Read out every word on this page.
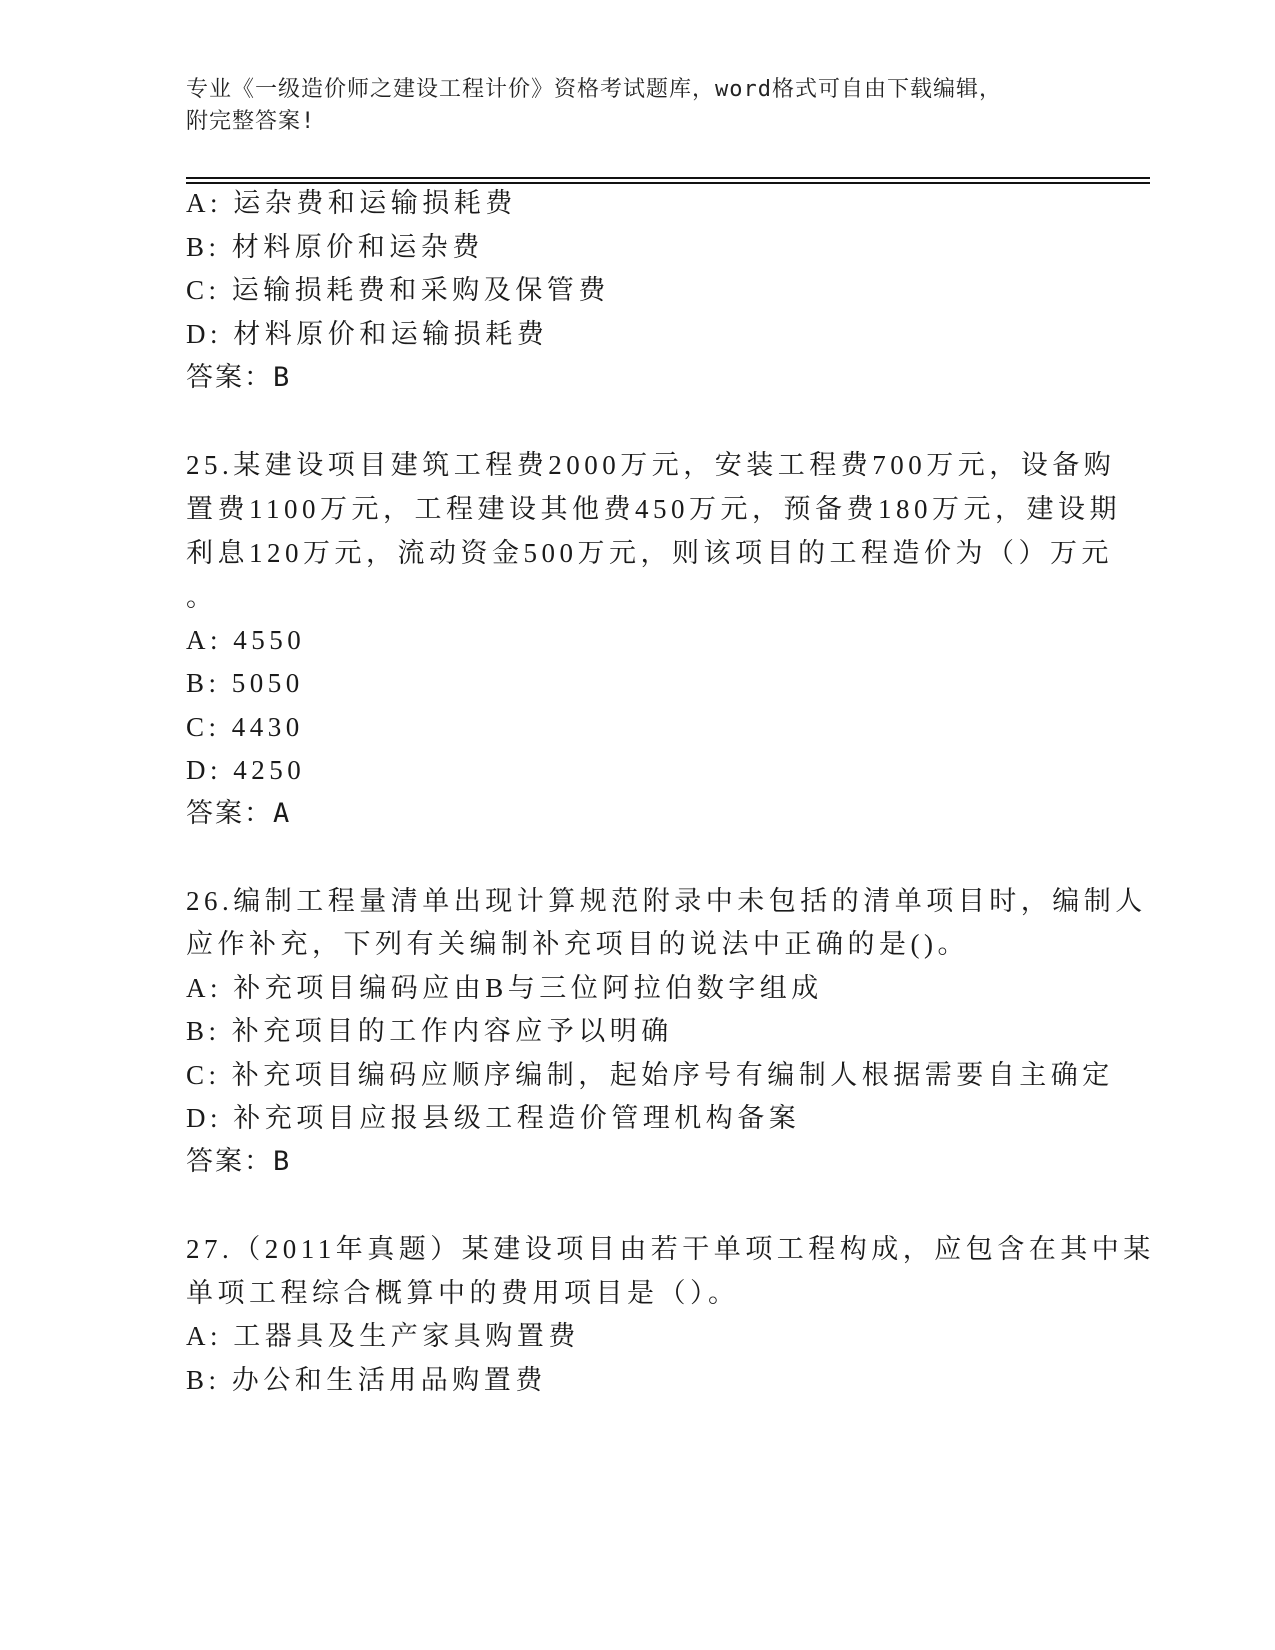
专业《一级造价师之建设工程计价》资格考试题库，word格式可自由下载编辑，
附完整答案!
A: 运杂费和运输损耗费
B: 材料原价和运杂费
C: 运输损耗费和采购及保管费
D: 材料原价和运输损耗费
答案：B
25.某建设项目建筑工程费2000万元，安装工程费700万元，设备购
置费1100万元，工程建设其他费450万元，预备费180万元，建设期
利息120万元，流动资金500万元，则该项目的工程造价为（）万元
。
A: 4550
B: 5050
C: 4430
D: 4250
答案：A
26.编制工程量清单出现计算规范附录中未包括的清单项目时，编制人
应作补充，下列有关编制补充项目的说法中正确的是()。
A: 补充项目编码应由B与三位阿拉伯数字组成
B: 补充项目的工作内容应予以明确
C: 补充项目编码应顺序编制，起始序号有编制人根据需要自主确定
D: 补充项目应报县级工程造价管理机构备案
答案：B
27.（2011年真题）某建设项目由若干单项工程构成，应包含在其中某
单项工程综合概算中的费用项目是（）。
A: 工器具及生产家具购置费
B: 办公和生活用品购置费
